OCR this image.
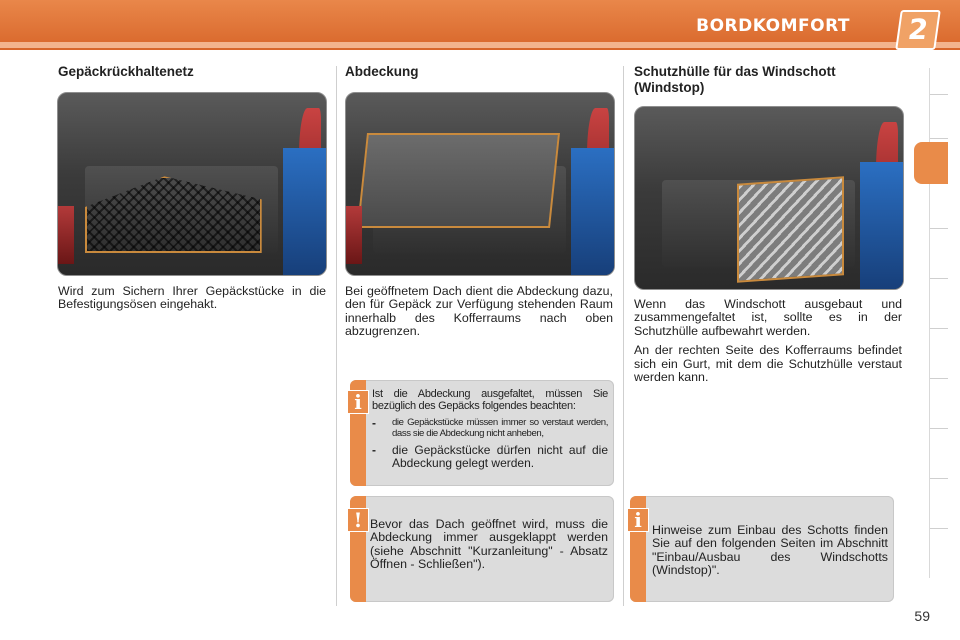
BORDKOMFORT	2
Gepäckrückhaltenetz
Wird zum Sichern Ihrer Gepäckstücke in die Befestigungsösen eingehakt.
Abdeckung
Bei geöffnetem Dach dient die Abdeckung dazu, den für Gepäck zur Verfügung stehenden Raum innerhalb des Kofferraums nach oben abzugrenzen.
i Ist die Abdeckung ausgefaltet, müssen Sie bezüglich des Gepäcks folgendes beachten:
-	die Gepäckstücke müssen immer so verstaut werden, dass sie die Abdeckung nicht anheben,
-	die Gepäckstücke dürfen nicht auf die Abdeckung gelegt werden.
! Bevor das Dach geöffnet wird, muss die Abdeckung immer ausgeklappt werden (siehe Abschnitt "Kurzanleitung" - Absatz Öffnen - Schließen").
Schutzhülle für das Windschott (Windstop)

Wenn das Windschott ausgebaut und zusammengefaltet ist, sollte es in der Schutzhülle aufbewahrt werden.

An der rechten Seite des Kofferraums befindet sich ein Gurt, mit dem die Schutzhülle verstaut werden kann.

i Hinweise zum Einbau des Schotts finden Sie auf den folgenden Seiten im Abschnitt "Einbau/Ausbau des Windschotts (Windstop)".
59
